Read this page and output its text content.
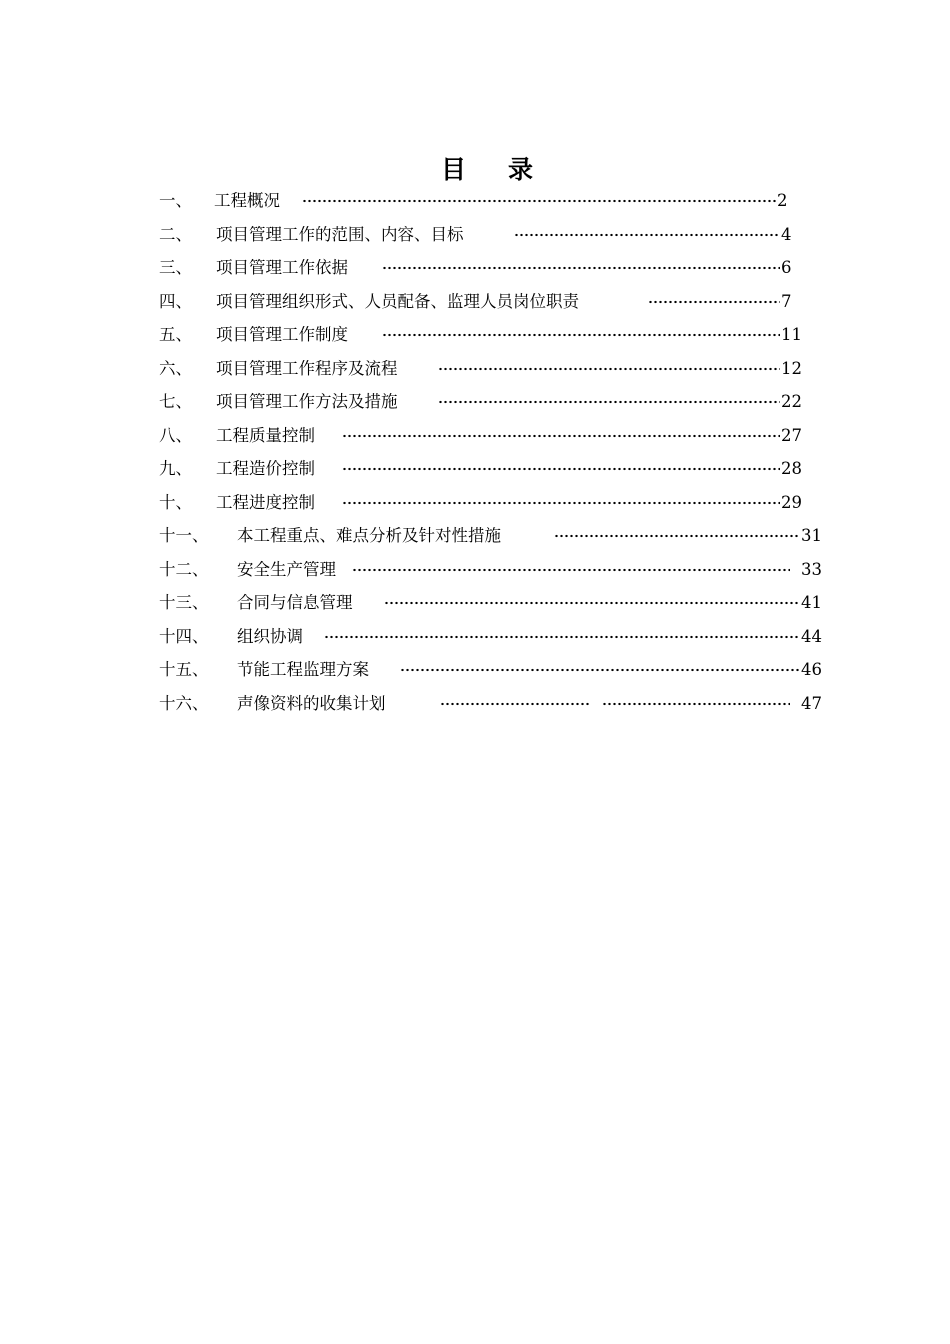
目 录
一、 工程概况	2
二、 项目管理工作的范围、内容、目标	4
三、 项目管理工作依据	6
四、 项目管理组织形式、人员配备、监理人员岗位职责	7
五、 项目管理工作制度	11
六、 项目管理工作程序及流程	12
七、 项目管理工作方法及措施	22
八、 工程质量控制	27
九、 工程造价控制	28
十、 工程进度控制	29
十一、 本工程重点、难点分析及针对性措施	31
十二、 安全生产管理	33
十三、 合同与信息管理	41
十四、 组织协调	44
十五、 节能工程监理方案	46
十六、 声像资料的收集计划	47
